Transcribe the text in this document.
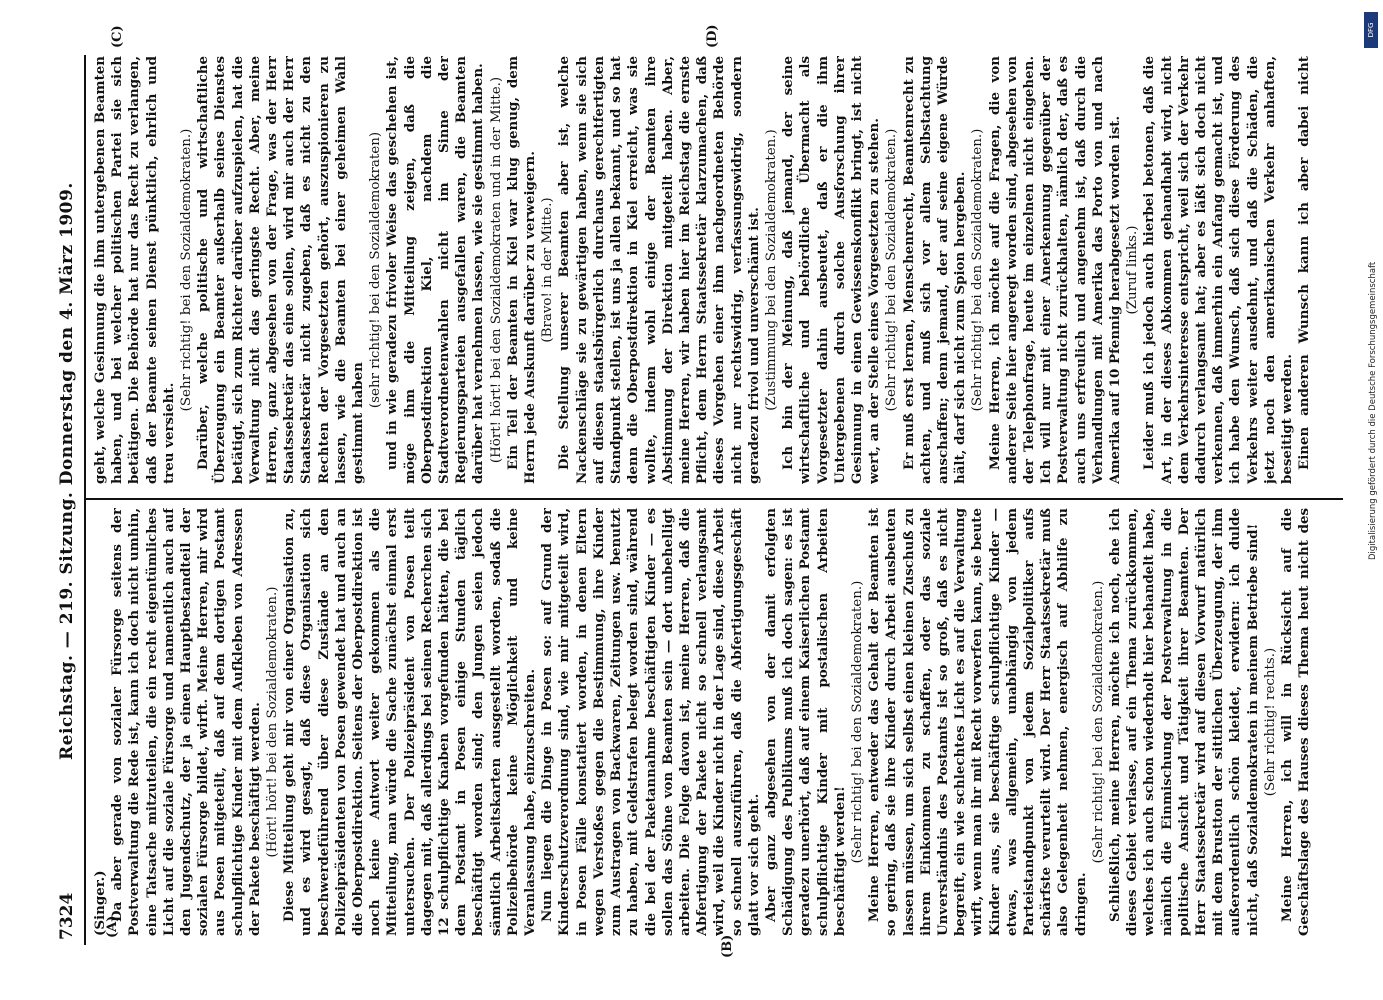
7324
Reichstag. — 219. Sitzung. Donnerstag den 4. März 1909.
(A)
(B)
(C)	(D)

(Singer.) Da aber gerade von sozialer Fürsorge seitens der Postverwaltung die Rede ist, kann ich doch nicht umhin, eine Tatsache mitzuteilen, die ein recht eigentümliches Licht auf die soziale Fürsorge und namentlich auch auf den Jugendschutz, der ja einen Hauptbestandteil der sozialen Fürsorge bildet, wirft. Meine Herren, mir wird aus Posen mitgeteilt, daß auf dem dortigen Postamt schulpflichtige Kinder mit dem Aufkleben von Adressen der Pakete beschäftigt werden. (Hört! hört! bei den Sozialdemokraten.) Diese Mitteilung geht mir von einer Organisation zu, und es wird gesagt, daß diese Organisation sich beschwerdeführend über diese Zustände an den Polizeipräsidenten von Posen gewendet hat und auch an die Oberpostdirektion. Seitens der Oberpostdirektion ist noch keine Antwort weiter gekommen als die Mitteilung, man würde die Sache zunächst einmal erst untersuchen. Der Polizeipräsident von Posen teilt dagegen mit, daß allerdings bei seinen Recherchen sich 12 schulpflichtige Knaben vorgefunden hätten, die bei dem Postamt in Posen einige Stunden täglich beschäftigt worden sind; den Jungen seien jedoch sämtlich Arbeitskarten ausgestellt worden, sodaß die Polizeibehörde keine Möglichkeit und keine Veranlassung habe, einzuschreiten. Nun liegen die Dinge in Posen so: auf Grund der Kinderschutzverordnung sind, wie mir mitgeteilt wird, in Posen Fälle konstatiert worden, in denen Eltern wegen Verstoßes gegen die Bestimmung, ihre Kinder zum Austragen von Backwaren, Zeitungen usw. benutzt zu haben, mit Geldstrafen belegt worden sind, während die bei der Paketannahme beschäftigten Kinder — es sollen das Söhne von Beamten sein — dort unbehelligt arbeiten. Die Folge davon ist, meine Herren, daß die Abfertigung der Pakete nicht so schnell verlangsamt wird, weil die Kinder nicht in der Lage sind, diese Arbeit so schnell auszuführen, daß die Abfertigungsgeschäft glatt vor sich geht. Aber ganz abgesehen von der damit erfolgten Schädigung des Publikums muß ich doch sagen: es ist geradezu unerhört, daß auf einem Kaiserlichen Postamt schulpflichtige Kinder mit postalischen Arbeiten beschäftigt werden! (Sehr richtig! bei den Sozialdemokraten.) Meine Herren, entweder das Gehalt der Beamten ist so gering, daß sie ihre Kinder durch Arbeit ausbeuten lassen müssen, um sich selbst einen kleinen Zuschuß zu ihrem Einkommen zu schaffen, oder das soziale Unverständnis des Postamts ist so groß, daß es nicht begreift, ein wie schlechtes Licht es auf die Verwaltung wirft, wenn man ihr mit Recht vorwerfen kann, sie beute Kinder aus, sie beschäftige schulpflichtige Kinder — etwas, was allgemein, unabhängig von jedem Parteistandpunkt von jedem Sozialpolitiker aufs schärfste verurteilt wird. Der Herr Staatssekretär muß also Gelegenheit nehmen, energisch auf Abhilfe zu dringen.

(Sehr richtig! bei den Sozialdemokraten.) Schließlich, meine Herren, möchte ich noch, ehe ich dieses Gebiet verlasse, auf ein Thema zurückkommen, welches ich auch schon wiederholt hier behandelt habe, nämlich die Einmischung der Postverwaltung in die politische Ansicht und Tätigkeit ihrer Beamten. Der Herr Staatssekretär wird auf diesen Vorwurf natürlich mit dem Brustton der sittlichen Überzeugung, der ihm außerordentlich schön kleidet, erwidern: ich dulde nicht, daß Sozialdemokraten in meinem Betriebe sind! (Sehr richtig! rechts.)

Meine Herren, ich will in Rücksicht auf die Geschäftslage des Hauses dieses Thema heut nicht des

geht, welche Gesinnung die ihm untergebenen Beamten haben, und bei welcher politischen Partei sie sich betätigen. Die Behörde hat nur das Recht zu verlangen, daß der Beamte seinen Dienst pünktlich, ehrlich und treu versieht.

(Sehr richtig! bei den Sozialdemokraten.) Darüber, welche politische und wirtschaftliche Überzeugung ein Beamter außerhalb seines Dienstes betätigt, sich zum Richter darüber aufzuspielen, hat die Verwaltung nicht das geringste Recht. Aber, meine Herren, ganz abgesehen von der Frage, was der Herr Staatssekretär das eine sollen, wird mir auch der Herr Staatssekretär nicht zugeben, daß es nicht zu den Rechten der Vorgesetzten gehört, auszuspionieren zu lassen, wie die Beamten bei einer geheimen Wahl gestimmt haben

(sehr richtig! bei den Sozialdemokraten) und in wie geradezu frivoler Weise das geschehen ist, möge ihm die Mitteilung zeigen, daß die Oberpostdirektion Kiel, nachdem die Stadtverordnetenwahlen nicht im Sinne der Regierungsparteien ausgefallen waren, die Beamten darüber hat vernehmen lassen, wie sie gestimmt haben. (Hört! hört! bei den Sozialdemokraten und in der Mitte.) Ein Teil der Beamten in Kiel war klug genug, dem Herrn jede Auskunft darüber zu verweigern. (Bravo! in der Mitte.) Die Stellung unserer Beamten aber ist, welche Nackenschläge sie zu gewärtigen haben, wenn sie sich auf diesen staatsbürgerlich durchaus gerechtfertigten Standpunkt stellen, ist uns ja allen bekannt, und so hat denn die Oberpostdirektion in Kiel erreicht, was sie wollte, indem wohl einige der Beamten ihre Abstimmung der Direktion mitgeteilt haben. Aber, meine Herren, wir haben hier im Reichstag die ernste Pflicht, dem Herrn Staatssekretär klarzumachen, daß dieses Vorgehen einer ihm nachgeordneten Behörde nicht nur rechtswidrig, verfassungswidrig, sondern geradezu frivol und unverschämt ist. (Zustimmung bei den Sozialdemokraten.) Ich bin der Meinung, daß jemand, der seine wirtschaftliche und behördliche Übermacht als Vorgesetzter dahin ausbeutet, daß er die ihm Untergebenen durch solche Ausforschung ihrer Gesinnung in einen Gewissenskonflikt bringt, ist nicht wert, an der Stelle eines Vorgesetzten zu stehen. (Sehr richtig! bei den Sozialdemokraten.) Er muß erst lernen, Menschenrecht, Beamtenrecht zu achten, und muß sich vor allem Selbstachtung anschaffen; denn jemand, der auf seine eigene Würde hält, darf sich nicht zum Spion hergeben. (Sehr richtig! bei den Sozialdemokraten.) Meine Herren, ich möchte auf die Fragen, die von anderer Seite hier angeregt worden sind, abgesehen von der Telephonfrage, heute im einzelnen nicht eingehen. Ich will nur mit einer Anerkennung gegenüber der Postverwaltung nicht zurückhalten, nämlich der, daß es auch uns erfreulich und angenehm ist, daß durch die Verhandlungen mit Amerika das Porto von und nach Amerika auf 10 Pfennig herabgesetzt worden ist. (Zuruf links.) Leider muß ich jedoch auch hierbei betonen, daß die Art, in der dieses Abkommen gehandhabt wird, nicht dem Verkehrsinteresse entspricht, weil sich der Verkehr dadurch verlangsamt hat; aber es läßt sich doch nicht verkennen, daß immerhin ein Anfang gemacht ist, und ich habe den Wunsch, daß sich diese Förderung des Verkehrs weiter ausdehnt, und daß die Schäden, die jetzt noch den amerikanischen Verkehr anhaften, beseitigt werden. Einen anderen Wunsch kann ich aber dabei nicht

DFG
Digitalisierung gefördert durch die Deutsche Forschungsgemeinschaft
